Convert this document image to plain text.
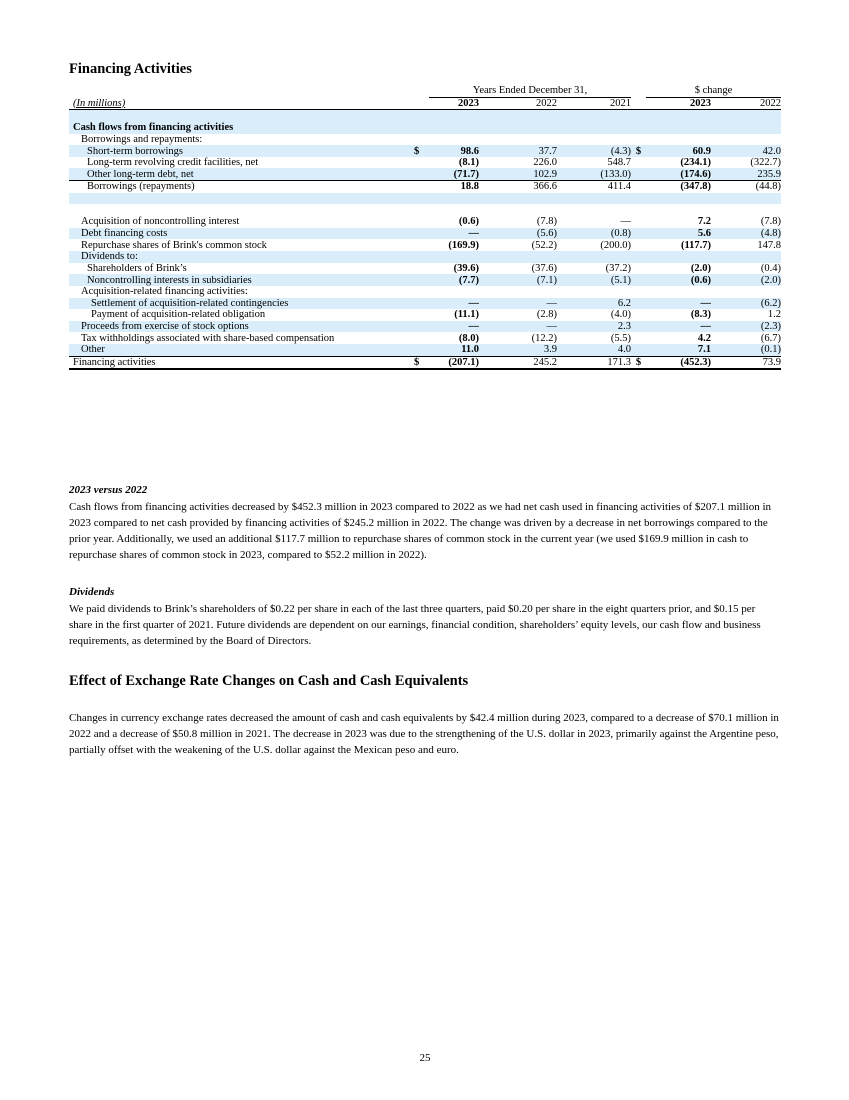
Financing Activities
		Years Ended December 31,				$ change	
(In millions)		2023	2022	2021		2023	2022

Cash flows from financing activities							
Borrowings and repayments:							
Short-term borrowings	$	98.6	37.7	(4.3)	$	60.9	42.0
Long-term revolving credit facilities, net		(8.1)	226.0	548.7		(234.1)	(322.7)
Other long-term debt, net		(71.7)	102.9	(133.0)		(174.6)	235.9
Borrowings (repayments)		18.8	366.6	411.4		(347.8)	(44.8)

Acquisition of noncontrolling interest		(0.6)	(7.8)	—		7.2	(7.8)
Debt financing costs		—	(5.6)	(0.8)		5.6	(4.8)
Repurchase shares of Brink's common stock		(169.9)	(52.2)	(200.0)		(117.7)	147.8
Dividends to:							
Shareholders of Brink’s		(39.6)	(37.6)	(37.2)		(2.0)	(0.4)
Noncontrolling interests in subsidiaries		(7.7)	(7.1)	(5.1)		(0.6)	(2.0)
Acquisition-related financing activities:							
Settlement of acquisition-related contingencies		—	—	6.2		—	(6.2)
Payment of acquisition-related obligation		(11.1)	(2.8)	(4.0)		(8.3)	1.2
Proceeds from exercise of stock options		—	—	2.3		—	(2.3)
Tax withholdings associated with share-based compensation		(8.0)	(12.2)	(5.5)		4.2	(6.7)
Other		11.0	3.9	4.0		7.1	(0.1)
Financing activities	$	(207.1)	245.2	171.3	$	(452.3)	73.9
2023 versus 2022

Cash flows from financing activities decreased by $452.3 million in 2023 compared to 2022 as we had net cash used in financing activities of $207.1 million in 2023 compared to net cash provided by financing activities of $245.2 million in 2022. The change was driven by a decrease in net borrowings compared to the prior year. Additionally, we used an additional $117.7 million to repurchase shares of common stock in the current year (we used $169.9 million in cash to repurchase shares of common stock in 2023, compared to $52.2 million in 2022).

Dividends

We paid dividends to Brink’s shareholders of $0.22 per share in each of the last three quarters, paid $0.20 per share in the eight quarters prior, and $0.15 per share in the first quarter of 2021. Future dividends are dependent on our earnings, financial condition, shareholders’ equity levels, our cash flow and business requirements, as determined by the Board of Directors.

Effect of Exchange Rate Changes on Cash and Cash Equivalents

Changes in currency exchange rates decreased the amount of cash and cash equivalents by $42.4 million during 2023, compared to a decrease of $70.1 million in 2022 and a decrease of $50.8 million in 2021. The decrease in 2023 was due to the strengthening of the U.S. dollar in 2023, primarily against the Argentine peso, partially offset with the weakening of the U.S. dollar against the Mexican peso and euro.

25
